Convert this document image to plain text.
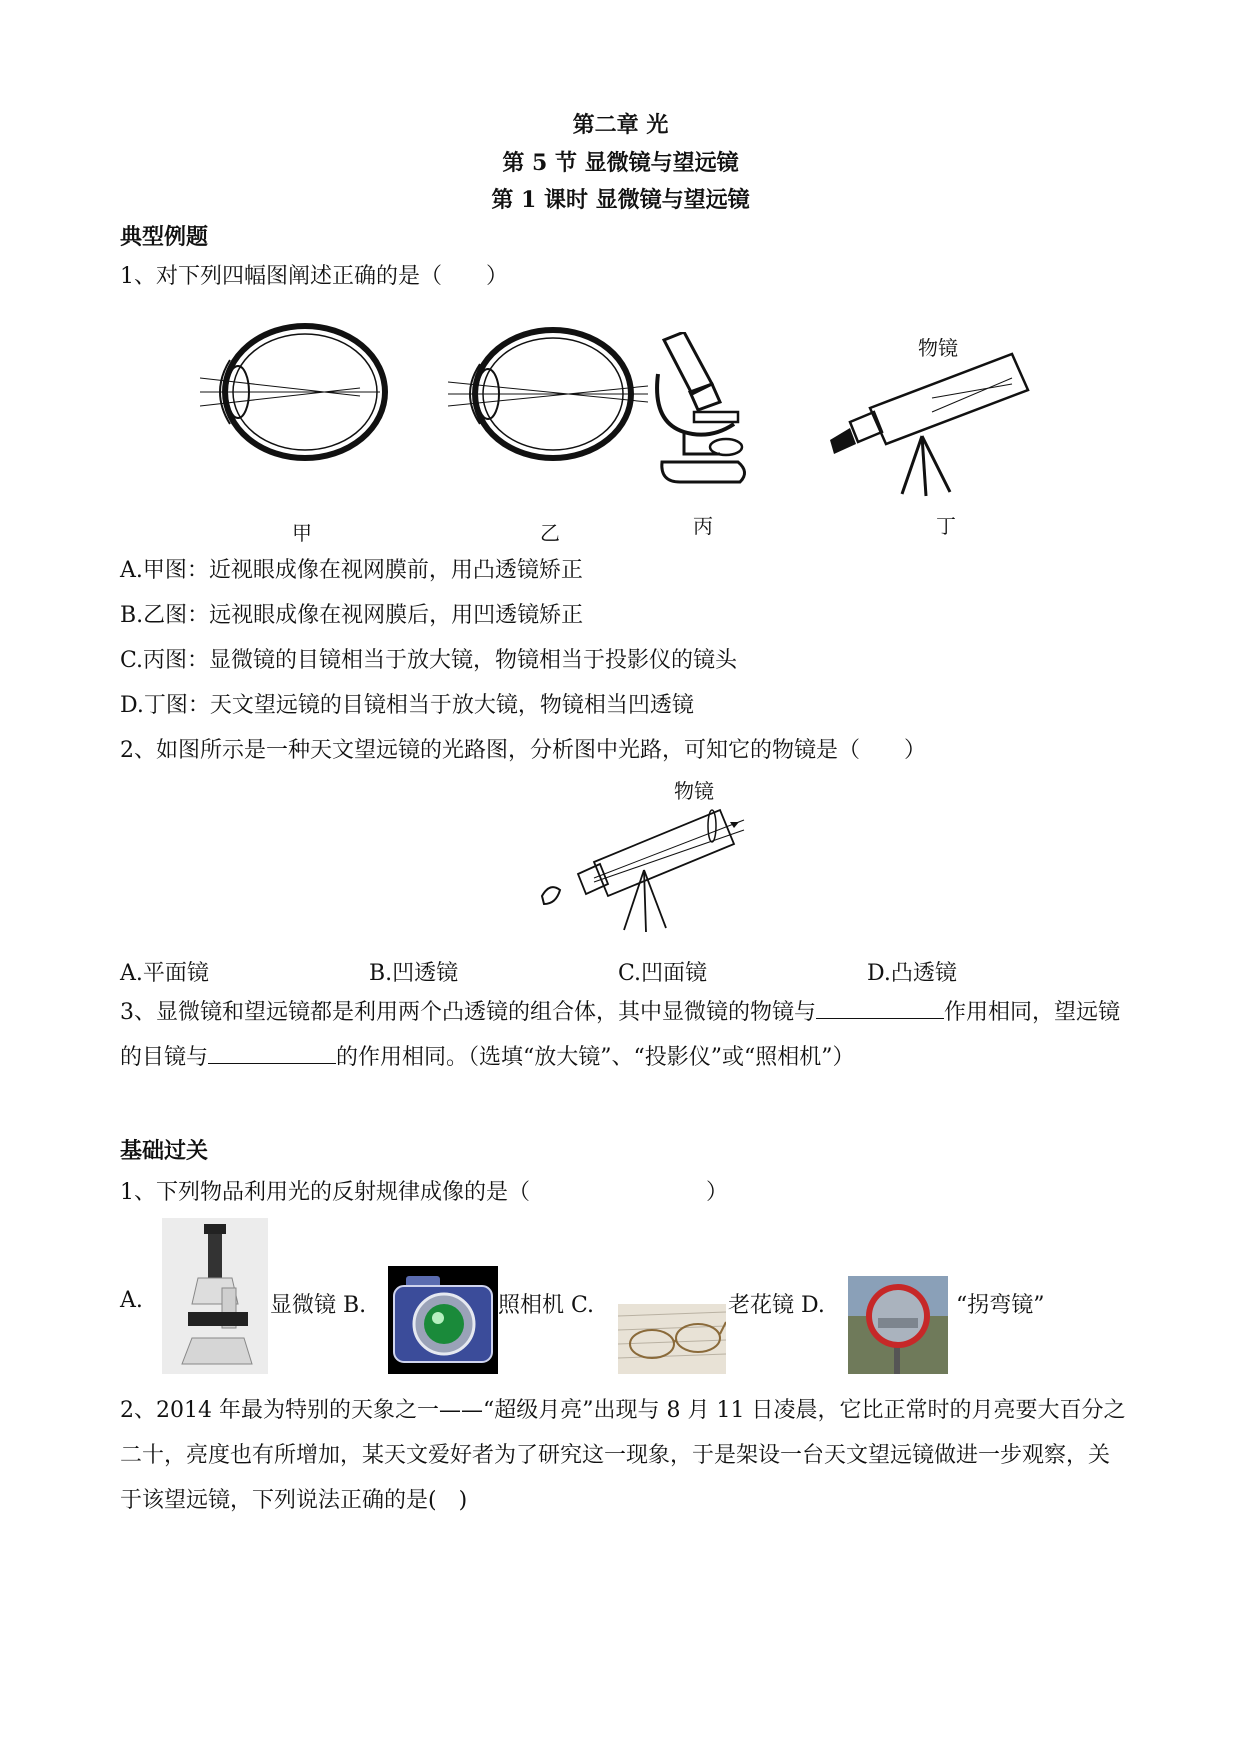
第二章 光
第 5 节 显微镜与望远镜
第 1 课时 显微镜与望远镜
典型例题
1、对下列四幅图阐述正确的是（　　）
甲	乙	丙
物镜
丁
A.甲图：近视眼成像在视网膜前，用凸透镜矫正
B.乙图：远视眼成像在视网膜后，用凹透镜矫正
C.丙图：显微镜的目镜相当于放大镜，物镜相当于投影仪的镜头
D.丁图：天文望远镜的目镜相当于放大镜，物镜相当凹透镜
2、如图所示是一种天文望远镜的光路图，分析图中光路，可知它的物镜是（　　）
物镜
A.平面镜	B.凹透镜	C.凹面镜	D.凸透镜
3、显微镜和望远镜都是利用两个凸透镜的组合体，其中显微镜的物镜与	作用相同，望远镜的目镜与	的作用相同。（选填“放大镜”、“投影仪”或“照相机”）
基础过关
1、下列物品利用光的反射规律成像的是（　　　　　　　　）
A.	显微镜 B.	照相机 C.	老花镜 D.	“拐弯镜”
2、2014 年最为特别的天象之一——“超级月亮”出现与 8 月 11 日凌晨，它比正常时的月亮要大百分之二十，亮度也有所增加，某天文爱好者为了研究这一现象，于是架设一台天文望远镜做进一步观察，关于该望远镜，下列说法正确的是(　)
